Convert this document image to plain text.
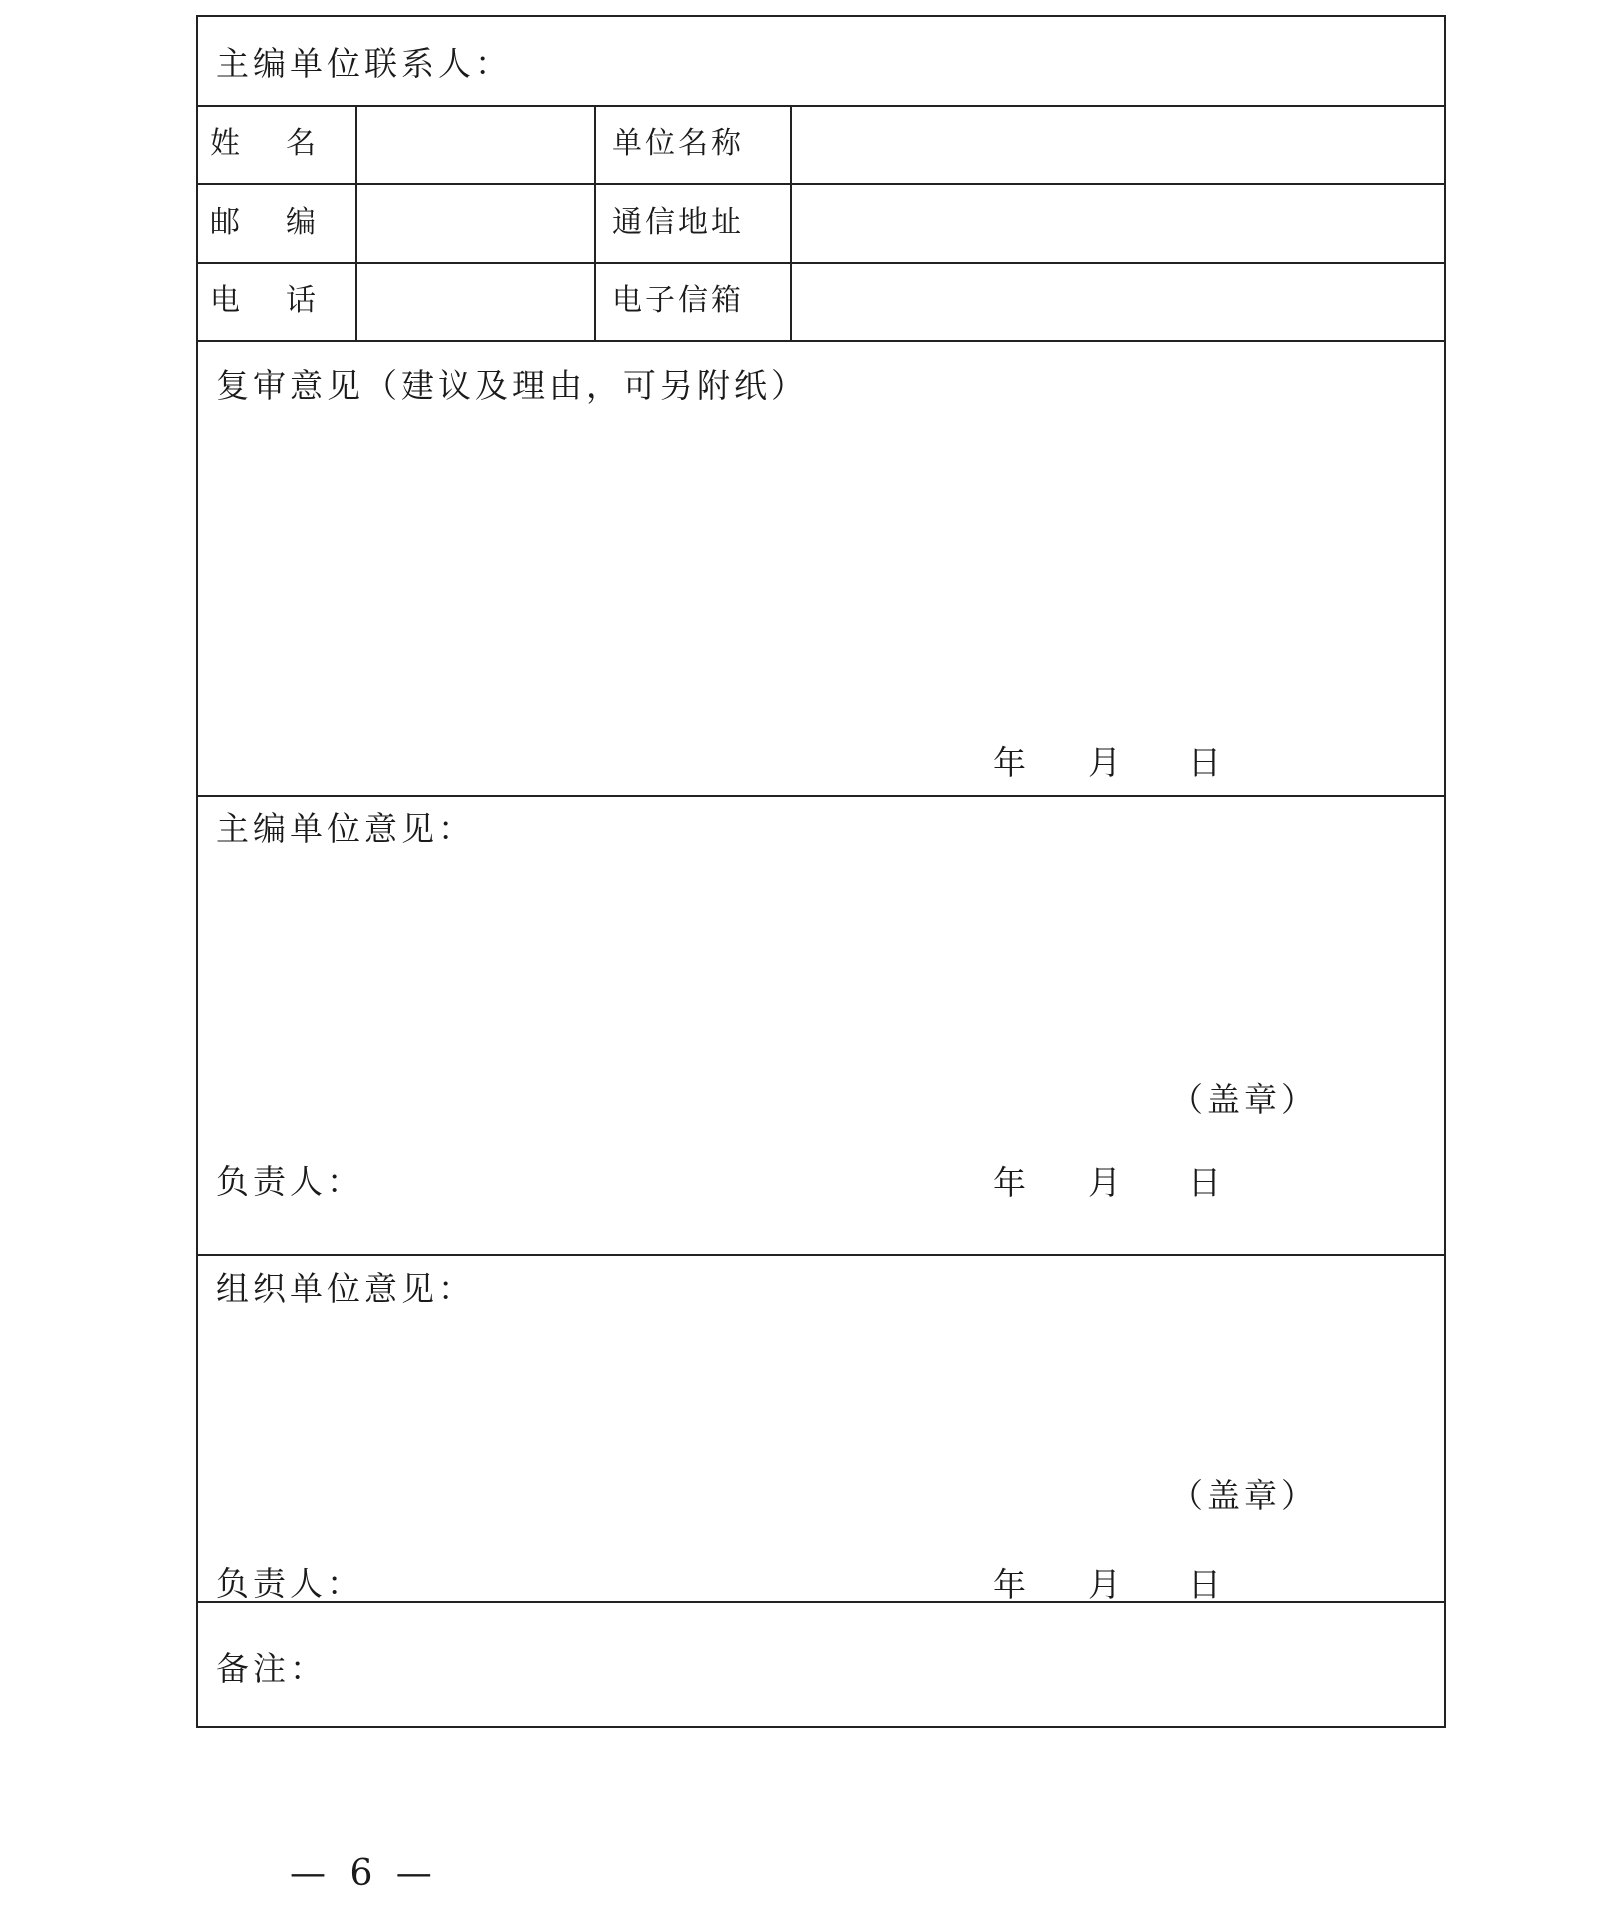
主编单位联系人：
姓　名	单位名称
邮　编	通信地址
电　话	电子信箱
复审意见（建议及理由，可另附纸）
年 月 日
主编单位意见：
（盖章）
负责人：	年 月 日
组织单位意见：
（盖章）
负责人：	年 月 日
备注：
— 6 —
